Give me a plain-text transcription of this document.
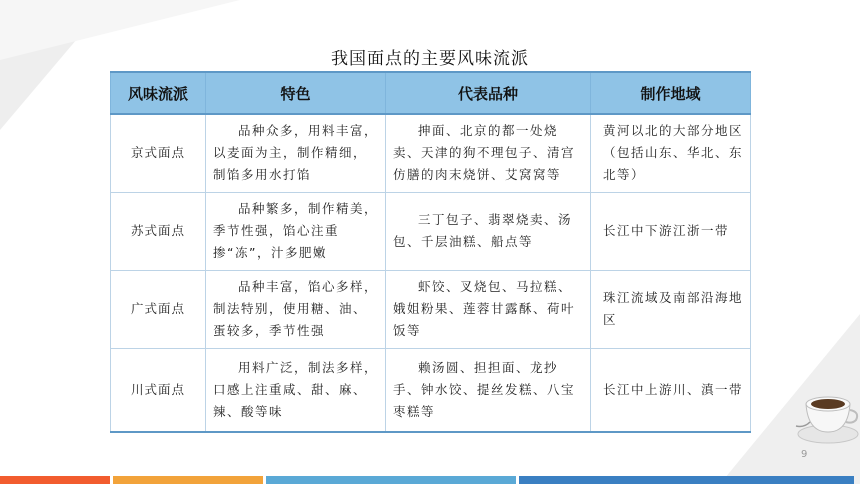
我国面点的主要风味流派
风味流派	特色	代表品种	制作地域
京式面点	品种众多，用料丰富，以麦面为主，制作精细，制馅多用水打馅	抻面、北京的都一处烧卖、天津的狗不理包子、清宫仿膳的肉末烧饼、艾窝窝等	黄河以北的大部分地区（包括山东、华北、东北等）
苏式面点	品种繁多，制作精美，季节性强，馅心注重掺“冻”，汁多肥嫩	三丁包子、翡翠烧卖、汤包、千层油糕、船点等	长江中下游江浙一带
广式面点	品种丰富，馅心多样，制法特别，使用糖、油、蛋较多，季节性强	虾饺、叉烧包、马拉糕、娥姐粉果、莲蓉甘露酥、荷叶饭等	珠江流域及南部沿海地区
川式面点	用料广泛，制法多样，口感上注重咸、甜、麻、辣、酸等味	赖汤圆、担担面、龙抄手、钟水饺、提丝发糕、八宝枣糕等	长江中上游川、滇一带
9
